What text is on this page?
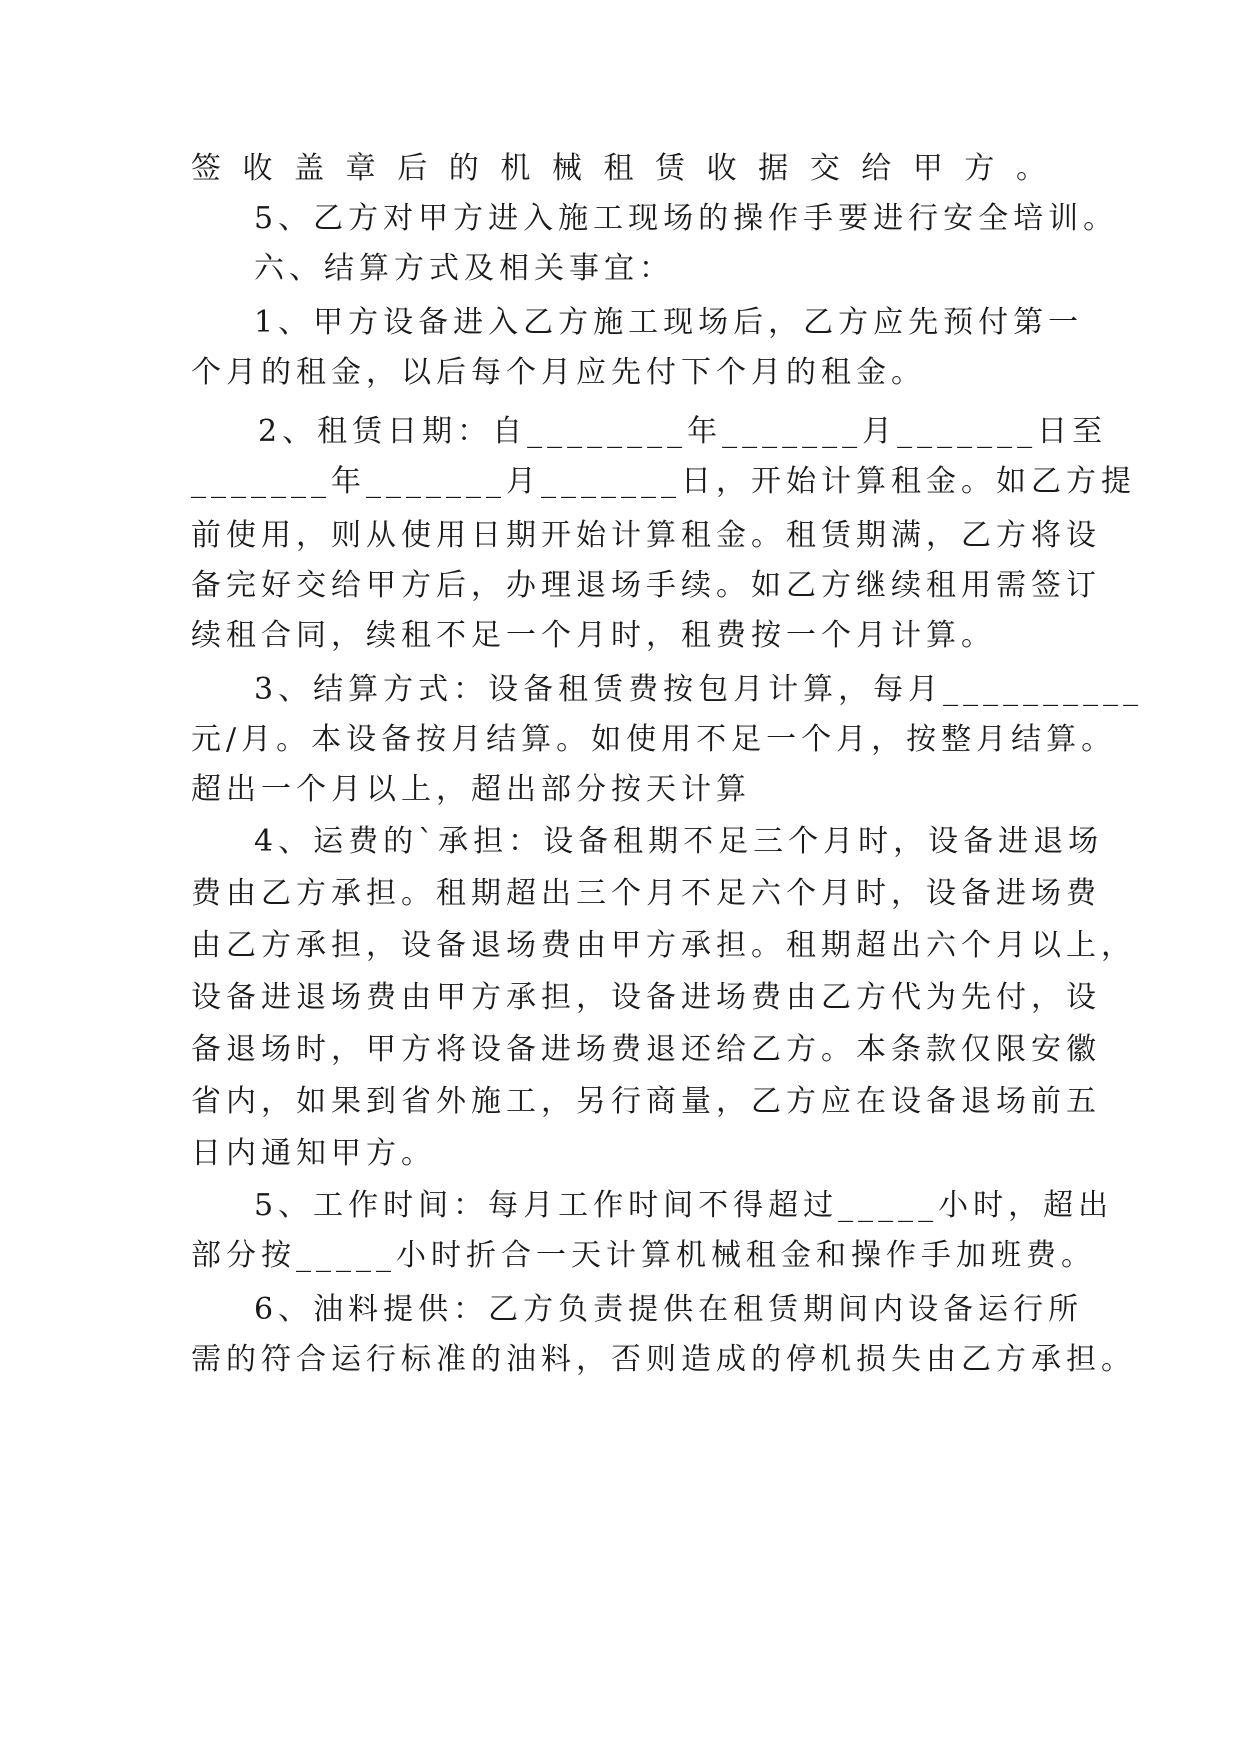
签收盖章后的机械租赁收据交给甲方。
5、乙方对甲方进入施工现场的操作手要进行安全培训。
六、结算方式及相关事宜：
1、甲方设备进入乙方施工现场后，乙方应先预付第一
个月的租金，以后每个月应先付下个月的租金。
2、租赁日期：自________年_______月_______日至
_______年_______月_______日，开始计算租金。如乙方提
前使用，则从使用日期开始计算租金。租赁期满，乙方将设
备完好交给甲方后，办理退场手续。如乙方继续租用需签订
续租合同，续租不足一个月时，租费按一个月计算。
3、结算方式：设备租赁费按包月计算，每月__________
元/月。本设备按月结算。如使用不足一个月，按整月结算。
超出一个月以上，超出部分按天计算
4、运费的`承担：设备租期不足三个月时，设备进退场
费由乙方承担。租期超出三个月不足六个月时，设备进场费
由乙方承担，设备退场费由甲方承担。租期超出六个月以上，
设备进退场费由甲方承担，设备进场费由乙方代为先付，设
备退场时，甲方将设备进场费退还给乙方。本条款仅限安徽
省内，如果到省外施工，另行商量，乙方应在设备退场前五
日内通知甲方。
5、工作时间：每月工作时间不得超过_____小时，超出
部分按_____小时折合一天计算机械租金和操作手加班费。
6、油料提供：乙方负责提供在租赁期间内设备运行所
需的符合运行标准的油料，否则造成的停机损失由乙方承担。
